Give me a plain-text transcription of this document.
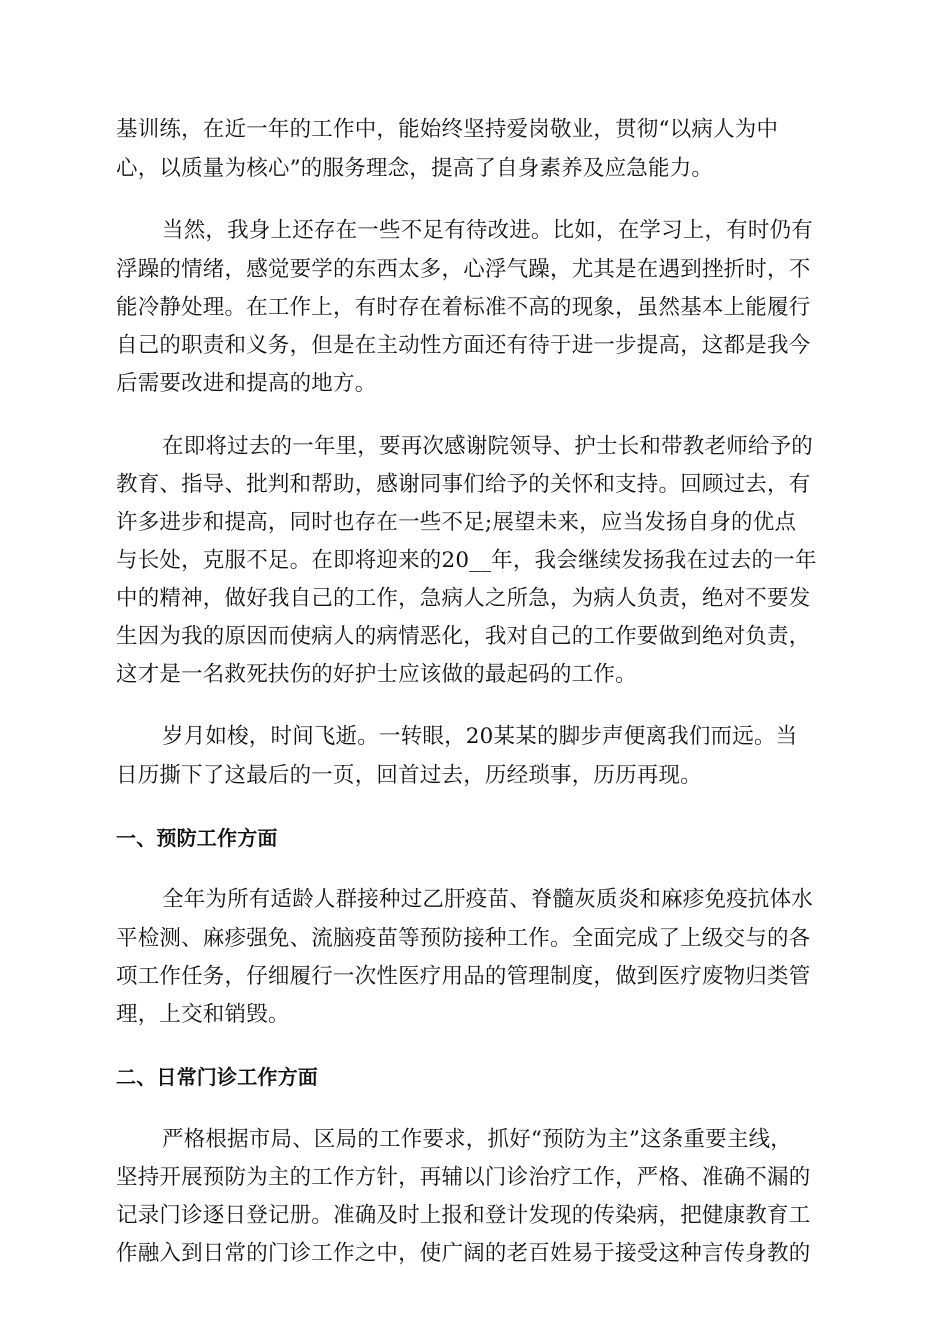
基训练，在近一年的工作中，能始终坚持爱岗敬业，贯彻“以病人为中
心，以质量为核心”的服务理念，提高了自身素养及应急能力。
当然，我身上还存在一些不足有待改进。比如，在学习上，有时仍有
浮躁的情绪，感觉要学的东西太多，心浮气躁，尤其是在遇到挫折时，不
能冷静处理。在工作上，有时存在着标准不高的现象，虽然基本上能履行
自己的职责和义务，但是在主动性方面还有待于进一步提高，这都是我今
后需要改进和提高的地方。
在即将过去的一年里，要再次感谢院领导、护士长和带教老师给予的
教育、指导、批判和帮助，感谢同事们给予的关怀和支持。回顾过去，有
许多进步和提高，同时也存在一些不足;展望未来，应当发扬自身的优点
与长处，克服不足。在即将迎来的20__年，我会继续发扬我在过去的一年
中的精神，做好我自己的工作，急病人之所急，为病人负责，绝对不要发
生因为我的原因而使病人的病情恶化，我对自己的工作要做到绝对负责，
这才是一名救死扶伤的好护士应该做的最起码的工作。
岁月如梭，时间飞逝。一转眼，20某某的脚步声便离我们而远。当
日历撕下了这最后的一页，回首过去，历经琐事，历历再现。
一、预防工作方面
全年为所有适龄人群接种过乙肝疫苗、脊髓灰质炎和麻疹免疫抗体水
平检测、麻疹强免、流脑疫苗等预防接种工作。全面完成了上级交与的各
项工作任务，仔细履行一次性医疗用品的管理制度，做到医疗废物归类管
理，上交和销毁。
二、日常门诊工作方面
严格根据市局、区局的工作要求，抓好“预防为主”这条重要主线，
坚持开展预防为主的工作方针，再辅以门诊治疗工作，严格、准确不漏的
记录门诊逐日登记册。准确及时上报和登计发现的传染病，把健康教育工
作融入到日常的门诊工作之中，使广阔的老百姓易于接受这种言传身教的
